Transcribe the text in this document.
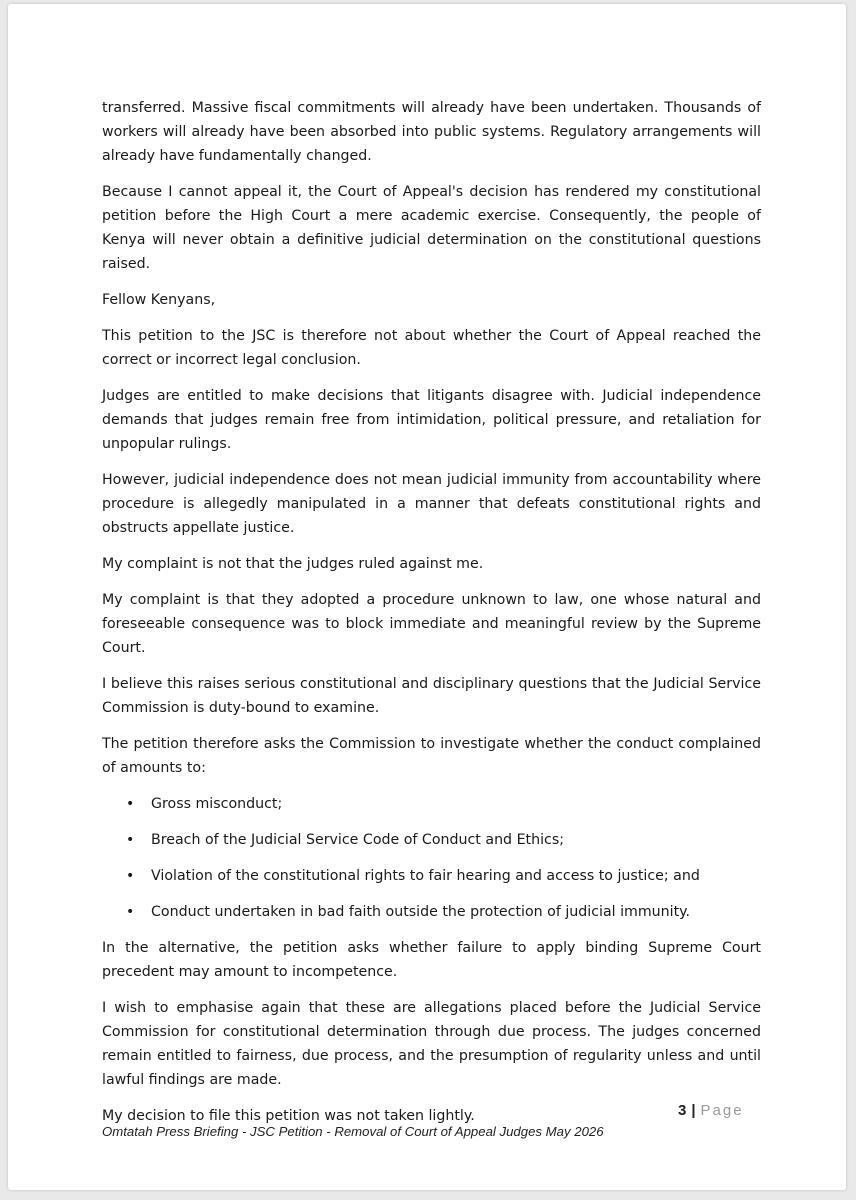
transferred. Massive fiscal commitments will already have been undertaken. Thousands of workers will already have been absorbed into public systems. Regulatory arrangements will already have fundamentally changed.

Because I cannot appeal it, the Court of Appeal's decision has rendered my constitutional petition before the High Court a mere academic exercise. Consequently, the people of Kenya will never obtain a definitive judicial determination on the constitutional questions raised.

Fellow Kenyans,

This petition to the JSC is therefore not about whether the Court of Appeal reached the correct or incorrect legal conclusion.

Judges are entitled to make decisions that litigants disagree with. Judicial independence demands that judges remain free from intimidation, political pressure, and retaliation for unpopular rulings.

However, judicial independence does not mean judicial immunity from accountability where procedure is allegedly manipulated in a manner that defeats constitutional rights and obstructs appellate justice.

My complaint is not that the judges ruled against me.

My complaint is that they adopted a procedure unknown to law, one whose natural and foreseeable consequence was to block immediate and meaningful review by the Supreme Court.

I believe this raises serious constitutional and disciplinary questions that the Judicial Service Commission is duty-bound to examine.

The petition therefore asks the Commission to investigate whether the conduct complained of amounts to:

• Gross misconduct;
• Breach of the Judicial Service Code of Conduct and Ethics;
• Violation of the constitutional rights to fair hearing and access to justice; and
• Conduct undertaken in bad faith outside the protection of judicial immunity.

In the alternative, the petition asks whether failure to apply binding Supreme Court precedent may amount to incompetence.

I wish to emphasise again that these are allegations placed before the Judicial Service Commission for constitutional determination through due process. The judges concerned remain entitled to fairness, due process, and the presumption of regularity unless and until lawful findings are made.

My decision to file this petition was not taken lightly.	3 | Page
Omtatah Press Briefing - JSC Petition - Removal of Court of Appeal Judges May 2026
